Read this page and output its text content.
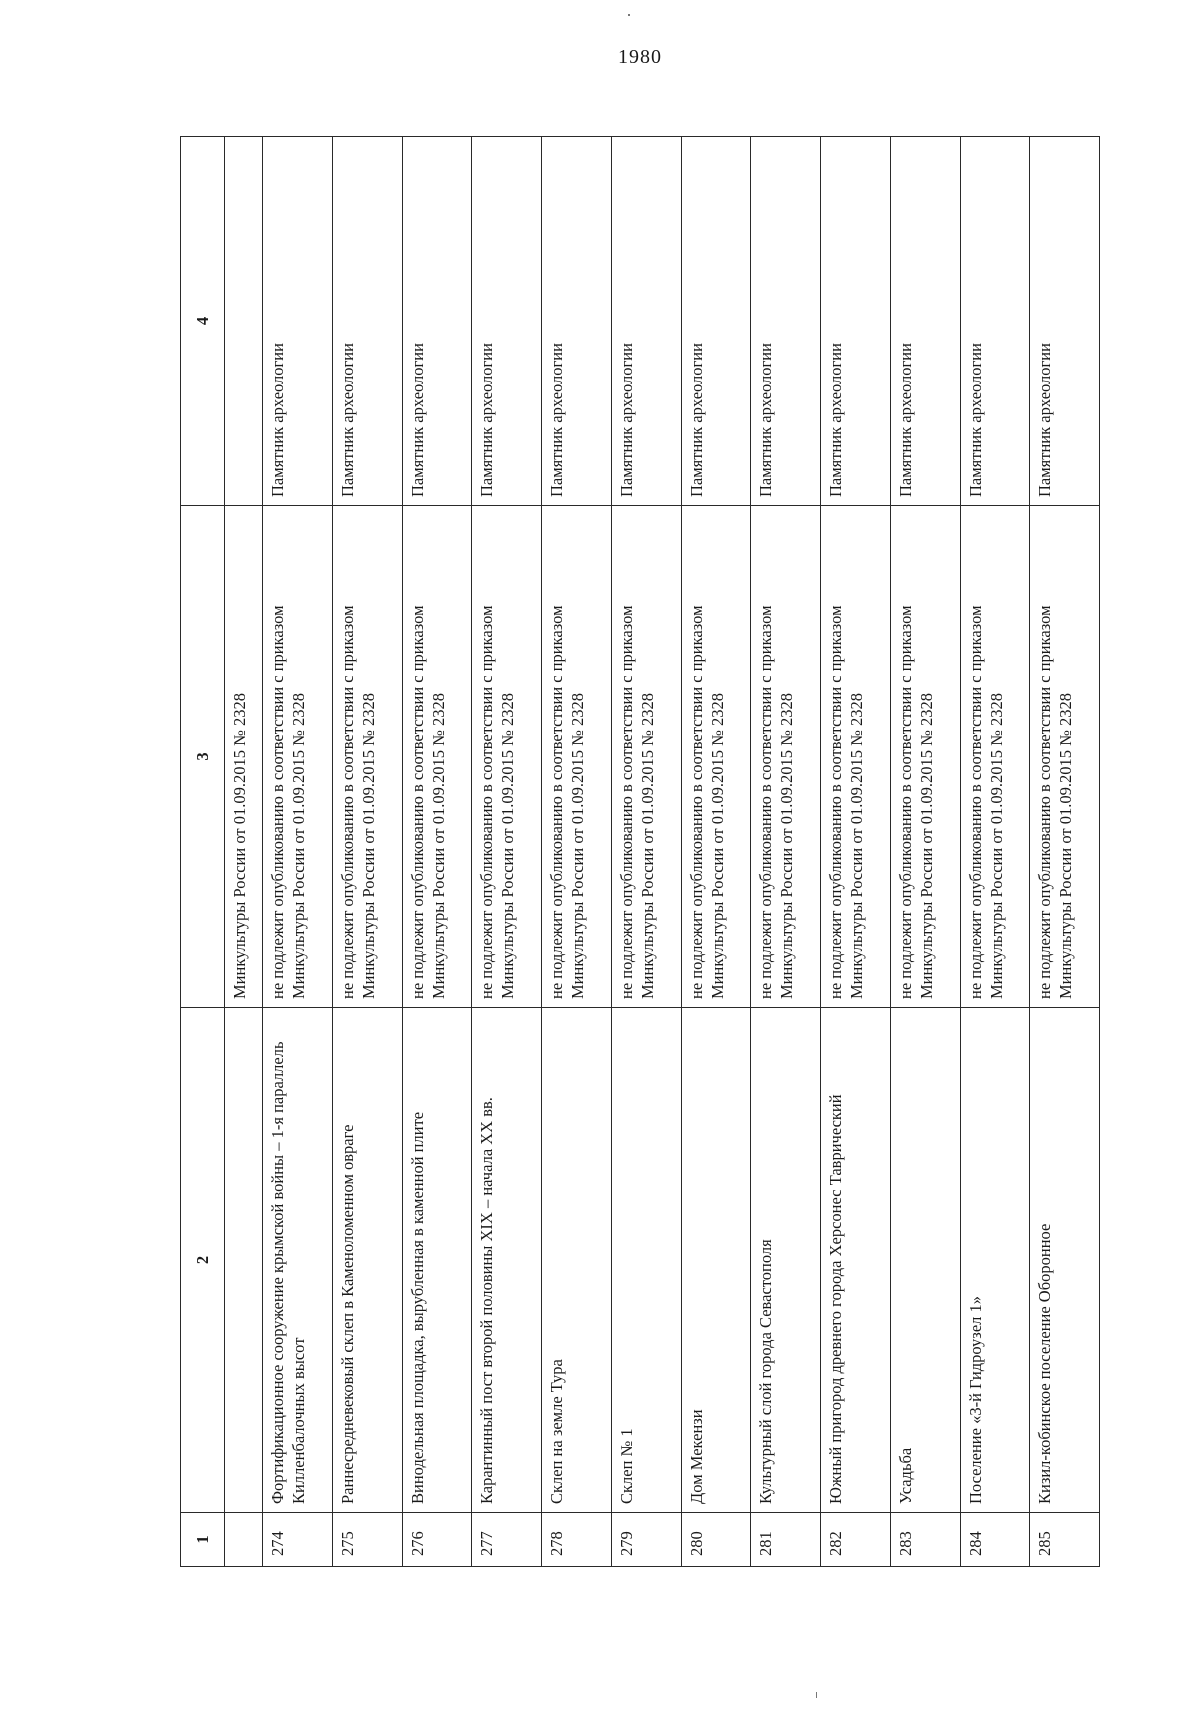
1980
1	2	3	4
		Минкультуры России от 01.09.2015 № 2328	
274	Фортификационное сооружение крымской войны – 1-я параллель Килленбалочных высот	не подлежит опубликованию в соответствии с приказом Минкультуры России от 01.09.2015 № 2328	Памятник археологии
275	Раннесредневековый склеп в Каменоломенном овраге	не подлежит опубликованию в соответствии с приказом Минкультуры России от 01.09.2015 № 2328	Памятник археологии
276	Винодельная площадка, вырубленная в каменной плите	не подлежит опубликованию в соответствии с приказом Минкультуры России от 01.09.2015 № 2328	Памятник археологии
277	Карантинный пост второй половины XIX – начала XX вв.	не подлежит опубликованию в соответствии с приказом Минкультуры России от 01.09.2015 № 2328	Памятник археологии
278	Склеп на земле Тура	не подлежит опубликованию в соответствии с приказом Минкультуры России от 01.09.2015 № 2328	Памятник археологии
279	Склеп № 1	не подлежит опубликованию в соответствии с приказом Минкультуры России от 01.09.2015 № 2328	Памятник археологии
280	Дом Мекензи	не подлежит опубликованию в соответствии с приказом Минкультуры России от 01.09.2015 № 2328	Памятник археологии
281	Культурный слой города Севастополя	не подлежит опубликованию в соответствии с приказом Минкультуры России от 01.09.2015 № 2328	Памятник археологии
282	Южный пригород древнего города Херсонес Таврический	не подлежит опубликованию в соответствии с приказом Минкультуры России от 01.09.2015 № 2328	Памятник археологии
283	Усадьба	не подлежит опубликованию в соответствии с приказом Минкультуры России от 01.09.2015 № 2328	Памятник археологии
284	Поселение «3-й Гидроузел 1»	не подлежит опубликованию в соответствии с приказом Минкультуры России от 01.09.2015 № 2328	Памятник археологии
285	Кизил-кобинское поселение Оборонное	не подлежит опубликованию в соответствии с приказом Минкультуры России от 01.09.2015 № 2328	Памятник археологии
